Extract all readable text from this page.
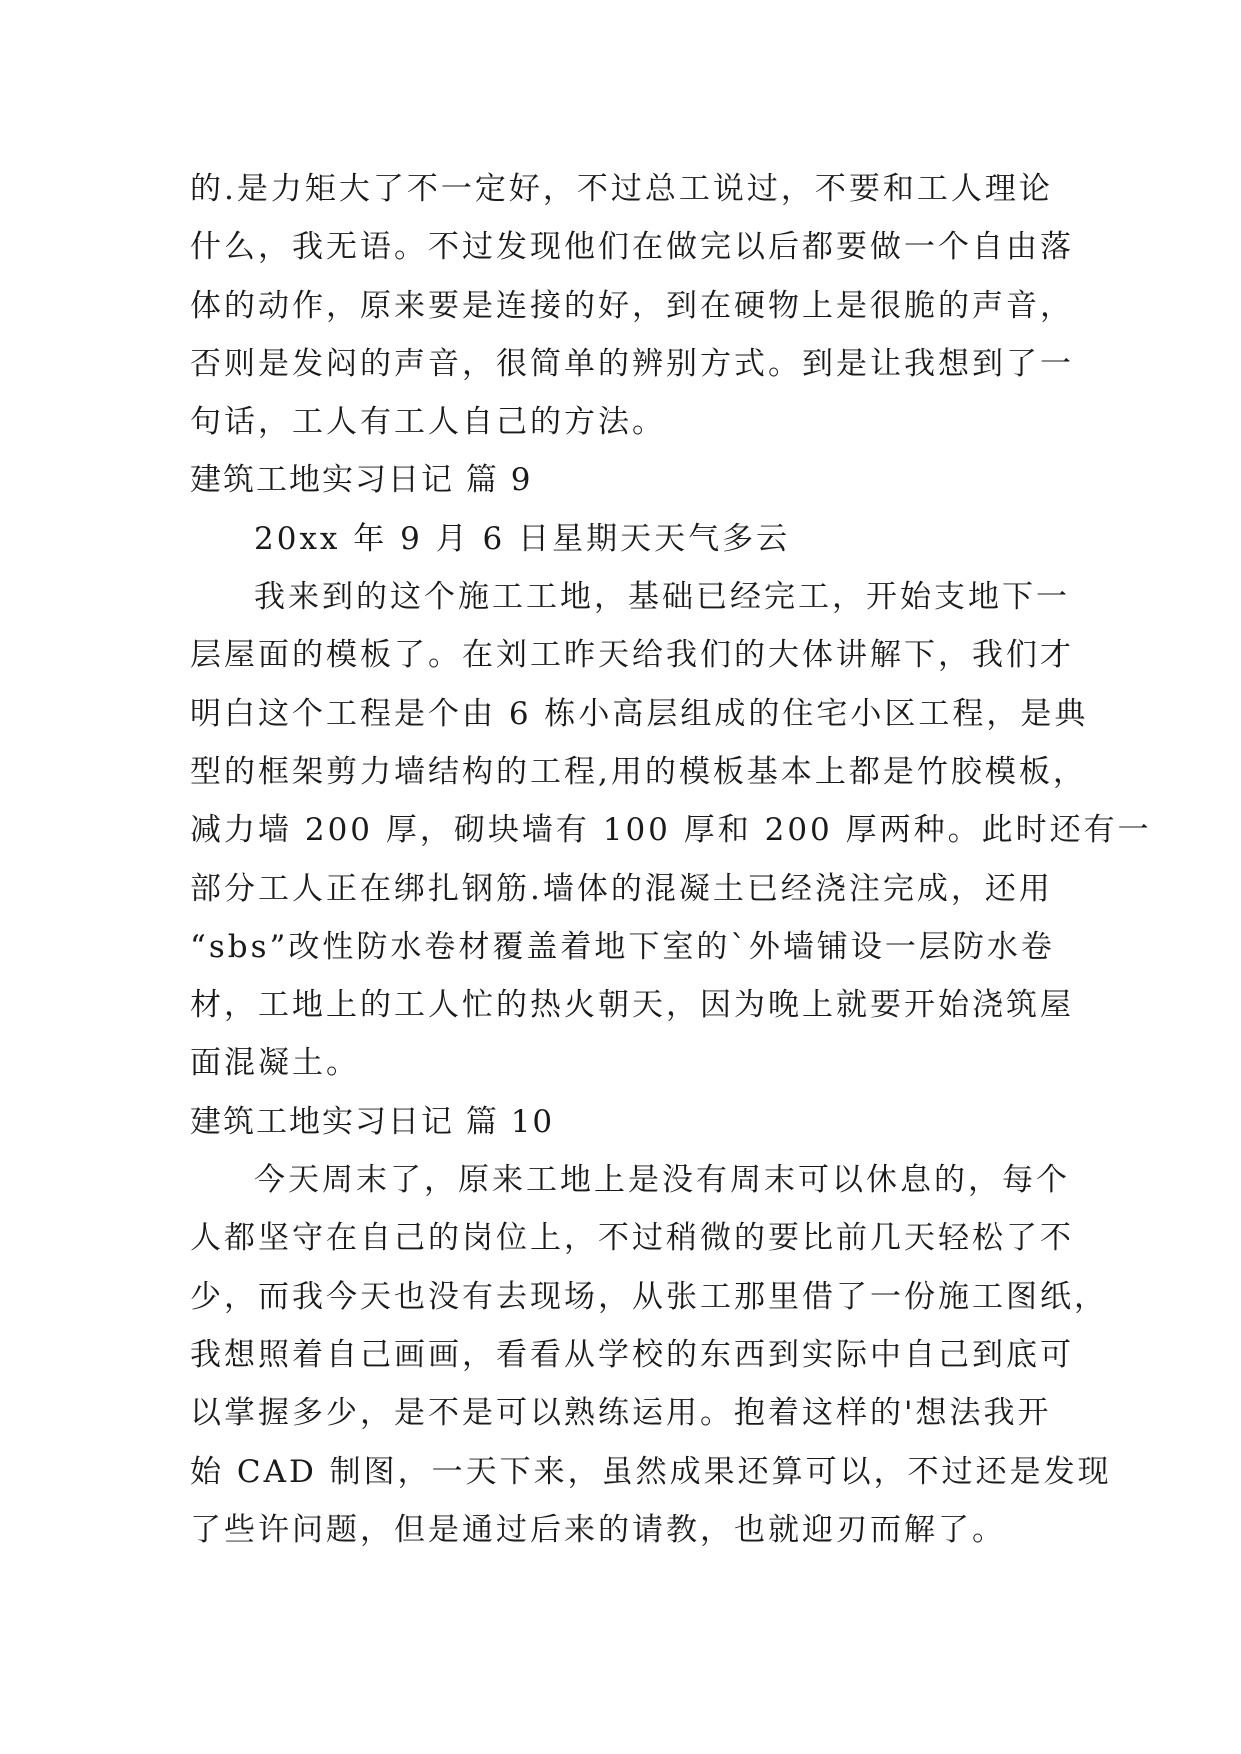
的.是力矩大了不一定好，不过总工说过，不要和工人理论
什么，我无语。不过发现他们在做完以后都要做一个自由落
体的动作，原来要是连接的好，到在硬物上是很脆的声音，
否则是发闷的声音，很简单的辨别方式。到是让我想到了一
句话，工人有工人自己的方法。
建筑工地实习日记 篇 9
20xx 年 9 月 6 日星期天天气多云
我来到的这个施工工地，基础已经完工，开始支地下一
层屋面的模板了。在刘工昨天给我们的大体讲解下，我们才
明白这个工程是个由 6 栋小高层组成的住宅小区工程，是典
型的框架剪力墙结构的工程,用的模板基本上都是竹胶模板，
减力墙 200 厚，砌块墙有 100 厚和 200 厚两种。此时还有一
部分工人正在绑扎钢筋.墙体的混凝土已经浇注完成，还用
“sbs”改性防水卷材覆盖着地下室的`外墙铺设一层防水卷
材，工地上的工人忙的热火朝天，因为晚上就要开始浇筑屋
面混凝土。
建筑工地实习日记 篇 10
今天周末了，原来工地上是没有周末可以休息的，每个
人都坚守在自己的岗位上，不过稍微的要比前几天轻松了不
少，而我今天也没有去现场，从张工那里借了一份施工图纸，
我想照着自己画画，看看从学校的东西到实际中自己到底可
以掌握多少，是不是可以熟练运用。抱着这样的'想法我开
始 CAD 制图，一天下来，虽然成果还算可以，不过还是发现
了些许问题，但是通过后来的请教，也就迎刃而解了。
